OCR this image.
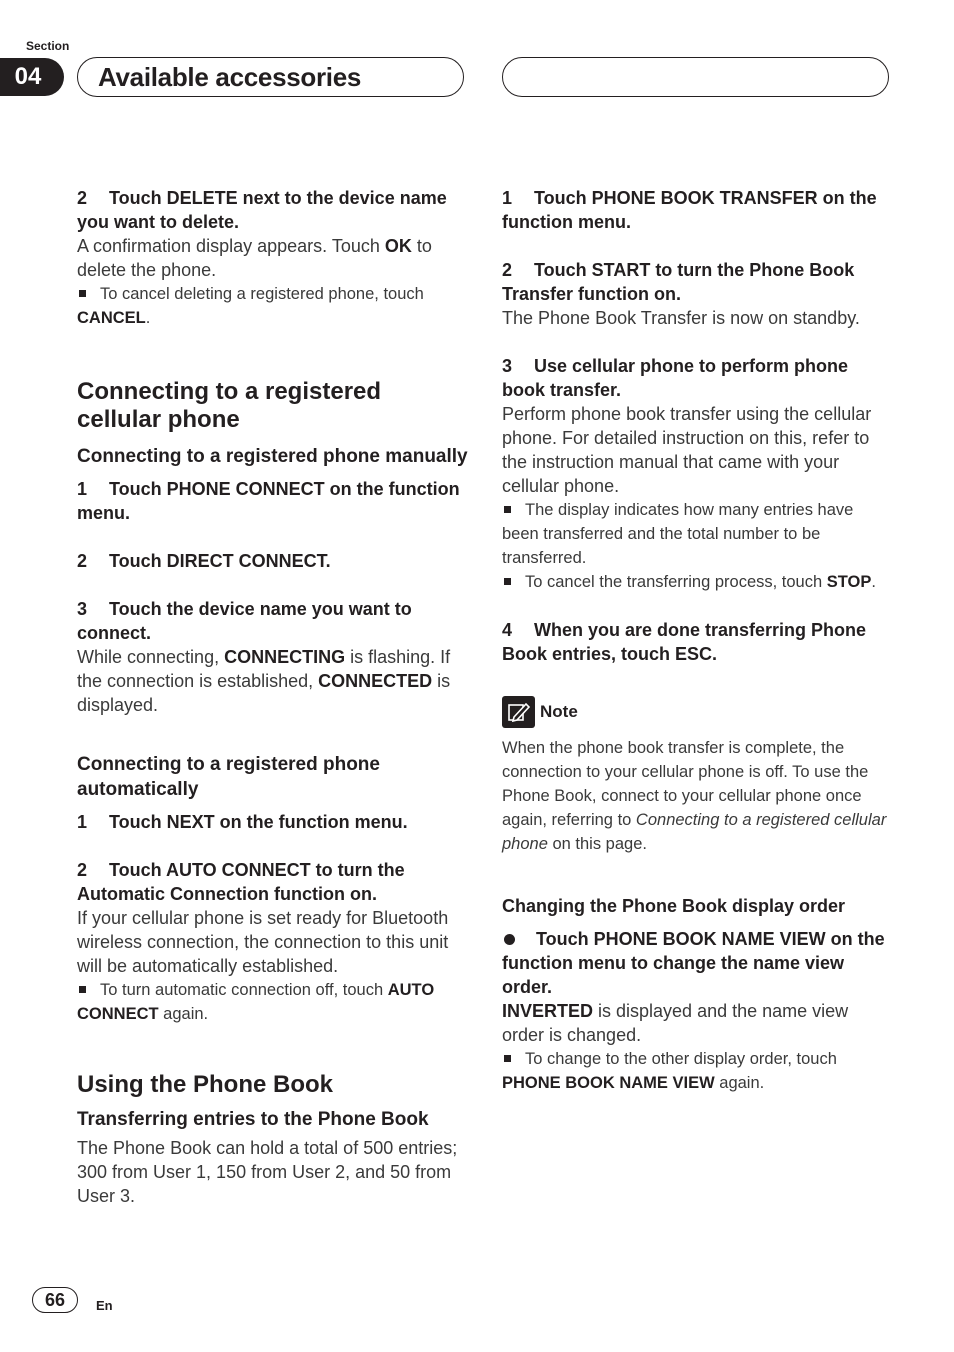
Section
04	Available accessories
2 Touch DELETE next to the device name you want to delete.
A confirmation display appears. Touch OK to delete the phone.
To cancel deleting a registered phone, touch CANCEL.
Connecting to a registered cellular phone
Connecting to a registered phone manually
1 Touch PHONE CONNECT on the function menu.
2 Touch DIRECT CONNECT.
3 Touch the device name you want to connect.
While connecting, CONNECTING is flashing. If the connection is established, CONNECTED is displayed.
Connecting to a registered phone automatically
1 Touch NEXT on the function menu.
2 Touch AUTO CONNECT to turn the Automatic Connection function on.
If your cellular phone is set ready for Bluetooth wireless connection, the connection to this unit will be automatically established.
To turn automatic connection off, touch AUTO CONNECT again.
Using the Phone Book
Transferring entries to the Phone Book
The Phone Book can hold a total of 500 entries; 300 from User 1, 150 from User 2, and 50 from User 3.
1 Touch PHONE BOOK TRANSFER on the function menu.
2 Touch START to turn the Phone Book Transfer function on.
The Phone Book Transfer is now on standby.
3 Use cellular phone to perform phone book transfer.
Perform phone book transfer using the cellular phone. For detailed instruction on this, refer to the instruction manual that came with your cellular phone.
The display indicates how many entries have been transferred and the total number to be transferred.
To cancel the transferring process, touch STOP.
4 When you are done transferring Phone Book entries, touch ESC.
Note
When the phone book transfer is complete, the connection to your cellular phone is off. To use the Phone Book, connect to your cellular phone once again, referring to Connecting to a registered cellular phone on this page.
Changing the Phone Book display order
Touch PHONE BOOK NAME VIEW on the function menu to change the name view order.
INVERTED is displayed and the name view order is changed.
To change to the other display order, touch PHONE BOOK NAME VIEW again.
66	En
